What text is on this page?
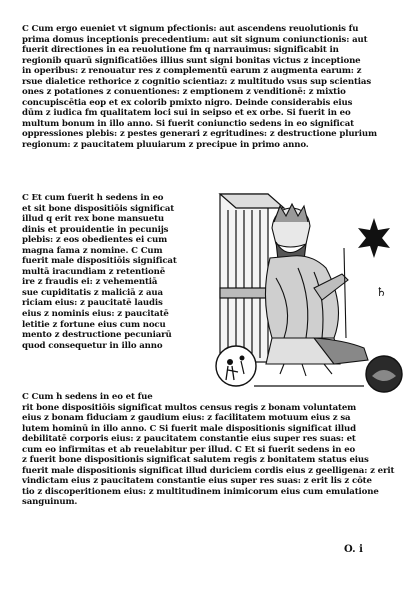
C Cum ergo eueniet vt signum pfectionis: aut ascendens reuolutionis fu
prima domus inceptionis precedentium: aut sit signum coniunctionis: aut
fuerit directiones in ea reuolutione fm q narrauimus: significabit in
regionib quarū significatiões illius sunt signi bonitas victus z inceptione
in operibus: z renouatur res z complementū earum z augmenta earum: z
rsue dialetice rethorice z cognitio scientiaz: z multitudo vsus sup scientias
ones z potationes z conuentiones: z emptionem z venditionē: z mixtio
concupiscētia eop et ex colorib pmixto nigro. Deinde considerabis eius
dūm z iudica fm qualitatem loci sui in seipso et ex orbe. Si fuerit in eo
multum bonum in illo anno. Si fuerit coniunctio sedens in eo significat
oppressiones plebis: z pestes generari z egritudines: z destructione plurium
regionum: z paucitatem pluuiarum z precipue in primo anno.
C Et cum fuerit h sedens in eo
et sit bone dispositiōis significat
illud q erit rex bone mansuetu
dinis et prouidentie in pecunijs
plebis: z eos obedientes ei cum
magna fama z nomine. C Cum
fuerit male dispositiōis significat
multā iracundiam z retentionē
ire z fraudis ei: z vehementiā
sue cupiditatis z maliciā z aua
riciam eius: z paucitatē laudis
eius z nominis eius: z paucitatē
letitie z fortune eius cum nocu
mento z destructione pecuniarū
quod consequetur in illo anno
♄
C Cum h sedens in eo et fue
rit bone dispositiōis significat multos census regis z bonam voluntatem
eius z bonam fiduciam z gaudium eius: z facilitatem motuum eius z sa
lutem hominū in illo anno. C Si fuerit male dispositionis significat illud
debilitatē corporis eius: z paucitatem constantie eius super res suas: et
cum eo infirmitas et ab reuelabitur per illud. C Et si fuerit sedens in eo
z fuerit bone dispositionis significat salutem regis z bonitatem status eius
fuerit male dispositionis significat illud duriciem cordis eius z geelligena: z erit
vindictam eius z paucitatem constantie eius super res suas: z erit lis z cōte
tio z discoperitionem eius: z multitudinem inimicorum eius cum emulatione
sanguinum.
O. i
